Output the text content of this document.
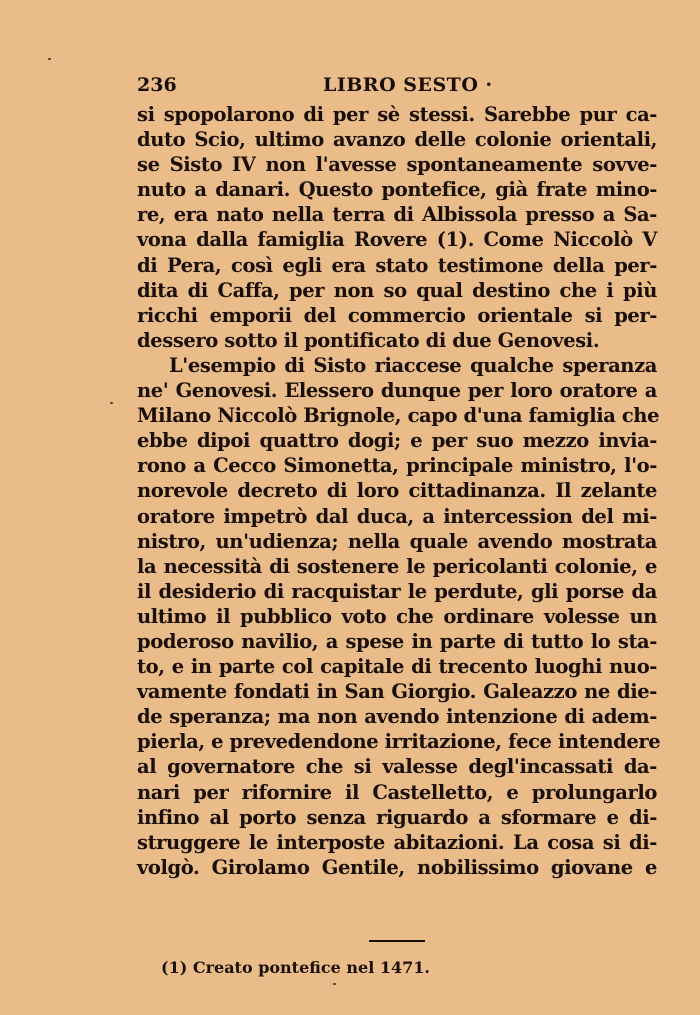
236	LIBRO SESTO ·
si spopolarono di per sè stessi. Sarebbe pur ca-
duto Scio, ultimo avanzo delle colonie orientali,
se Sisto IV non l'avesse spontaneamente sovve-
nuto a danari. Questo pontefice, già frate mino-
re, era nato nella terra di Albissola presso a Sa-
vona dalla famiglia Rovere (1). Come Niccolò V
di Pera, così egli era stato testimone della per-
dita di Caffa, per non so qual destino che i più
ricchi emporii del commercio orientale si per-
dessero sotto il pontificato di due Genovesi.
L'esempio di Sisto riaccese qualche speranza
ne' Genovesi. Elessero dunque per loro oratore a
Milano Niccolò Brignole, capo d'una famiglia che
ebbe dipoi quattro dogi; e per suo mezzo invia-
rono a Cecco Simonetta, principale ministro, l'o-
norevole decreto di loro cittadinanza. Il zelante
oratore impetrò dal duca, a intercession del mi-
nistro, un'udienza; nella quale avendo mostrata
la necessità di sostenere le pericolanti colonie, e
il desiderio di racquistar le perdute, gli porse da
ultimo il pubblico voto che ordinare volesse un
poderoso navilio, a spese in parte di tutto lo sta-
to, e in parte col capitale di trecento luoghi nuo-
vamente fondati in San Giorgio. Galeazzo ne die-
de speranza; ma non avendo intenzione di adem-
pierla, e prevedendone irritazione, fece intendere
al governatore che si valesse degl'incassati da-
nari per rifornire il Castelletto, e prolungarlo
infino al porto senza riguardo a sformare e di-
struggere le interposte abitazioni. La cosa si di-
volgò. Girolamo Gentile, nobilissimo giovane e
(1) Creato pontefice nel 1471.
